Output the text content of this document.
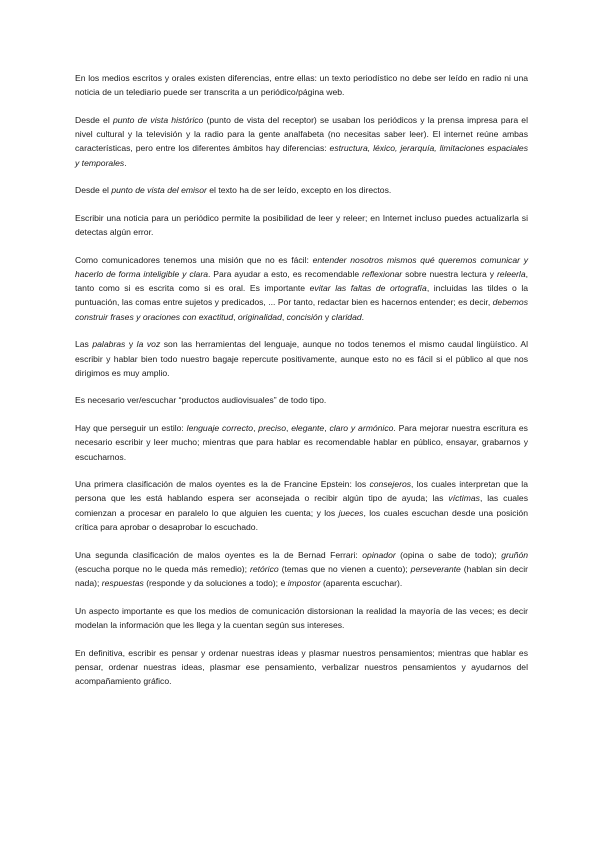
En los medios escritos y orales existen diferencias, entre ellas: un texto periodístico no debe ser leído en radio ni una noticia de un telediario puede ser transcrita a un periódico/página web.

Desde el punto de vista histórico (punto de vista del receptor) se usaban los periódicos y la prensa impresa para el nivel cultural y la televisión y la radio para la gente analfabeta (no necesitas saber leer). El internet reúne ambas características, pero entre los diferentes ámbitos hay diferencias: estructura, léxico, jerarquía, limitaciones espaciales y temporales.

Desde el punto de vista del emisor el texto ha de ser leído, excepto en los directos.

Escribir una noticia para un periódico permite la posibilidad de leer y releer; en Internet incluso puedes actualizarla si detectas algún error.

Como comunicadores tenemos una misión que no es fácil: entender nosotros mismos qué queremos comunicar y hacerlo de forma inteligible y clara. Para ayudar a esto, es recomendable reflexionar sobre nuestra lectura y releerla, tanto como si es escrita como si es oral. Es importante evitar las faltas de ortografía, incluidas las tildes o la puntuación, las comas entre sujetos y predicados, ... Por tanto, redactar bien es hacernos entender; es decir, debemos construir frases y oraciones con exactitud, originalidad, concisión y claridad.

Las palabras y la voz son las herramientas del lenguaje, aunque no todos tenemos el mismo caudal lingüístico. Al escribir y hablar bien todo nuestro bagaje repercute positivamente, aunque esto no es fácil si el público al que nos dirigimos es muy amplio.

Es necesario ver/escuchar “productos audiovisuales” de todo tipo.

Hay que perseguir un estilo: lenguaje correcto, preciso, elegante, claro y armónico. Para mejorar nuestra escritura es necesario escribir y leer mucho; mientras que para hablar es recomendable hablar en público, ensayar, grabarnos y escucharnos.

Una primera clasificación de malos oyentes es la de Francine Epstein: los consejeros, los cuales interpretan que la persona que les está hablando espera ser aconsejada o recibir algún tipo de ayuda; las víctimas, las cuales comienzan a procesar en paralelo lo que alguien les cuenta; y los jueces, los cuales escuchan desde una posición crítica para aprobar o desaprobar lo escuchado.

Una segunda clasificación de malos oyentes es la de Bernad Ferrari: opinador (opina o sabe de todo); gruñón (escucha porque no le queda más remedio); retórico (temas que no vienen a cuento); perseverante (hablan sin decir nada); respuestas (responde y da soluciones a todo); e impostor (aparenta escuchar).

Un aspecto importante es que los medios de comunicación distorsionan la realidad la mayoría de las veces; es decir modelan la información que les llega y la cuentan según sus intereses.

En definitiva, escribir es pensar y ordenar nuestras ideas y plasmar nuestros pensamientos; mientras que hablar es pensar, ordenar nuestras ideas, plasmar ese pensamiento, verbalizar nuestros pensamientos y ayudarnos del acompañamiento gráfico.
